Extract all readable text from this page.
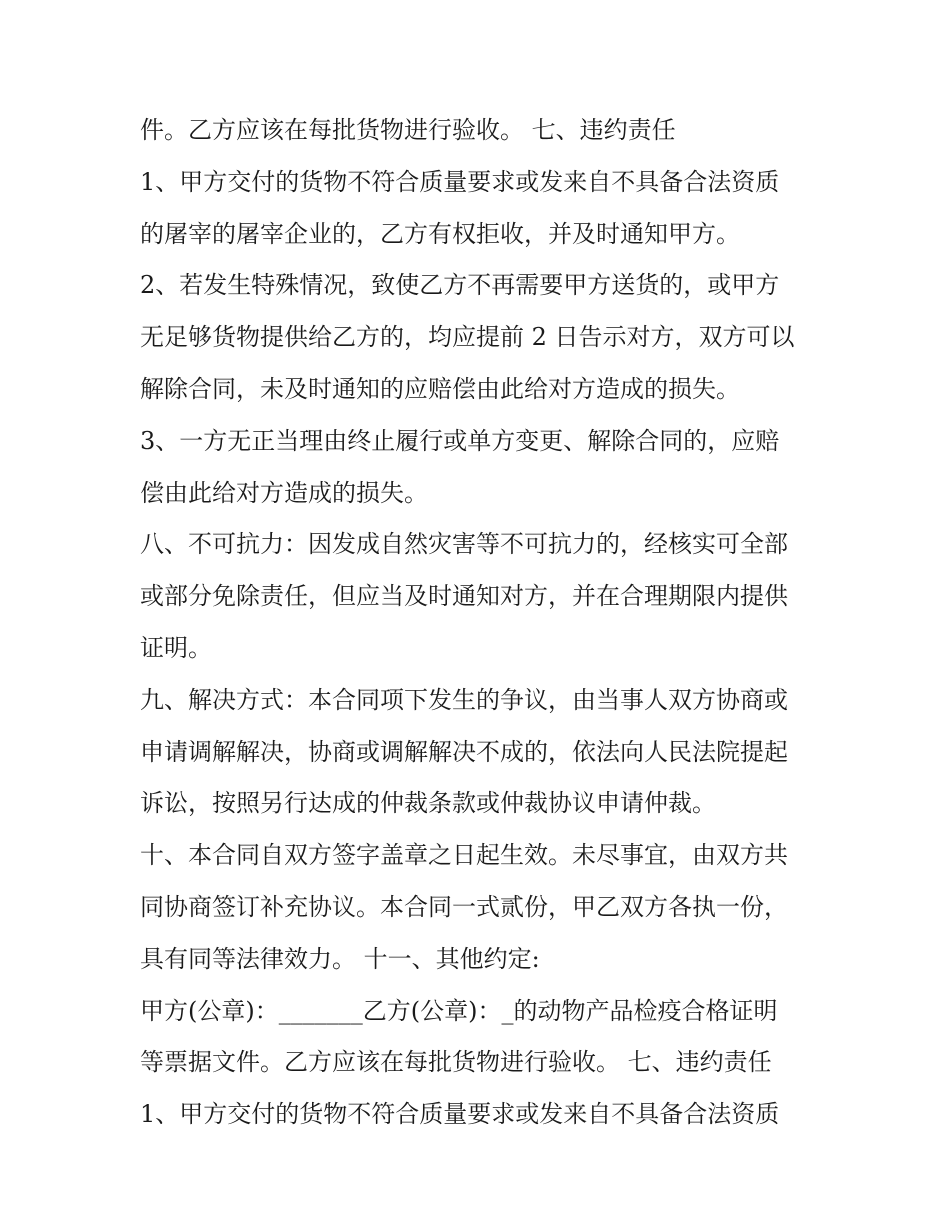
件。乙方应该在每批货物进行验收。 七、违约责任
1、甲方交付的货物不符合质量要求或发来自不具备合法资质
的屠宰的屠宰企业的，乙方有权拒收，并及时通知甲方。
2、若发生特殊情况，致使乙方不再需要甲方送货的，或甲方
无足够货物提供给乙方的，均应提前 2 日告示对方，双方可以
解除合同，未及时通知的应赔偿由此给对方造成的损失。
3、一方无正当理由终止履行或单方变更、解除合同的，应赔
偿由此给对方造成的损失。
八、不可抗力：因发成自然灾害等不可抗力的，经核实可全部
或部分免除责任，但应当及时通知对方，并在合理期限内提供
证明。
九、解决方式：本合同项下发生的争议，由当事人双方协商或
申请调解解决，协商或调解解决不成的，依法向人民法院提起
诉讼，按照另行达成的仲裁条款或仲裁协议申请仲裁。
十、本合同自双方签字盖章之日起生效。未尽事宜，由双方共
同协商签订补充协议。本合同一式贰份，甲乙双方各执一份，
具有同等法律效力。 十一、其他约定:
甲方(公章)：_______乙方(公章)：_的动物产品检疫合格证明
等票据文件。乙方应该在每批货物进行验收。 七、违约责任
1、甲方交付的货物不符合质量要求或发来自不具备合法资质
